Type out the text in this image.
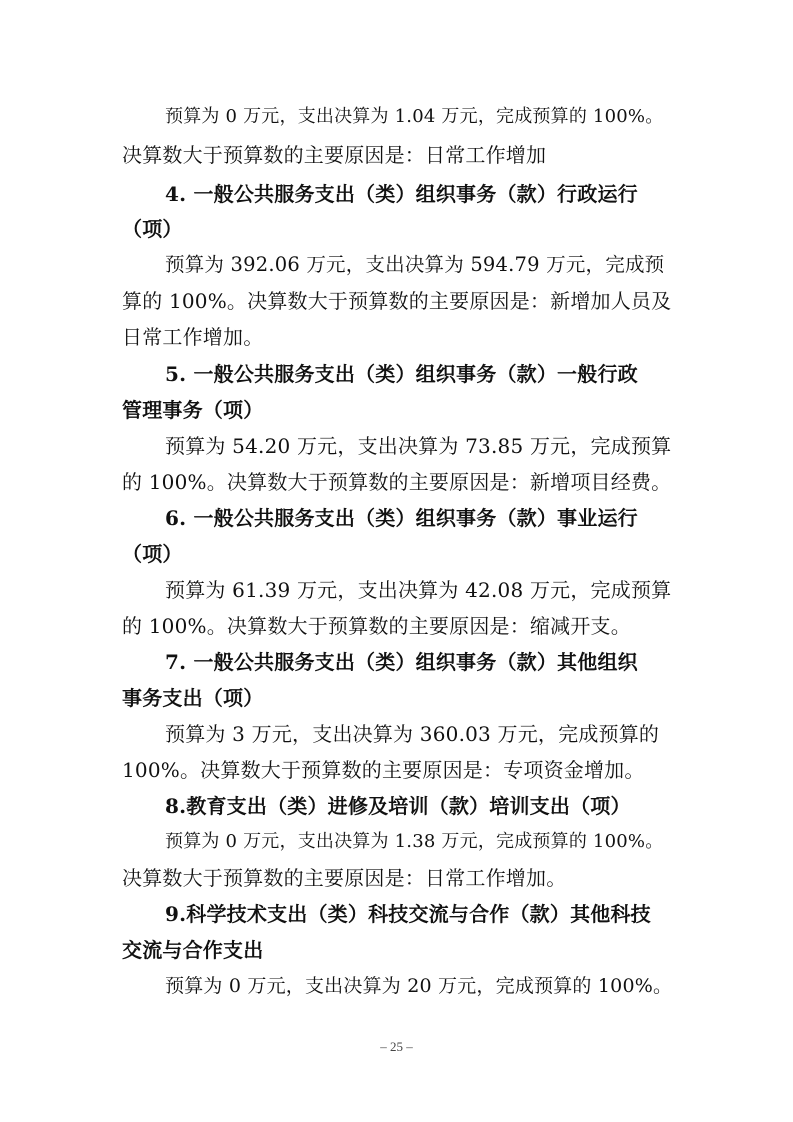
预算为 0 万元，支出决算为 1.04 万元，完成预算的 100%。
决算数大于预算数的主要原因是：日常工作增加
4. 一般公共服务支出（类）组织事务（款）行政运行
（项）
预算为 392.06 万元，支出决算为 594.79 万元，完成预
算的 100%。决算数大于预算数的主要原因是：新增加人员及
日常工作增加。
5. 一般公共服务支出（类）组织事务（款）一般行政
管理事务（项）
预算为 54.20 万元，支出决算为 73.85 万元，完成预算
的 100%。决算数大于预算数的主要原因是：新增项目经费。
6. 一般公共服务支出（类）组织事务（款）事业运行
（项）
预算为 61.39 万元，支出决算为 42.08 万元，完成预算
的 100%。决算数大于预算数的主要原因是：缩减开支。
7. 一般公共服务支出（类）组织事务（款）其他组织
事务支出（项）
预算为 3 万元，支出决算为 360.03 万元，完成预算的
100%。决算数大于预算数的主要原因是：专项资金增加。
8.教育支出（类）进修及培训（款）培训支出（项）
预算为 0 万元，支出决算为 1.38 万元，完成预算的 100%。
决算数大于预算数的主要原因是：日常工作增加。
9.科学技术支出（类）科技交流与合作（款）其他科技
交流与合作支出
预算为 0 万元，支出决算为 20 万元，完成预算的 100%。
– 25 –
